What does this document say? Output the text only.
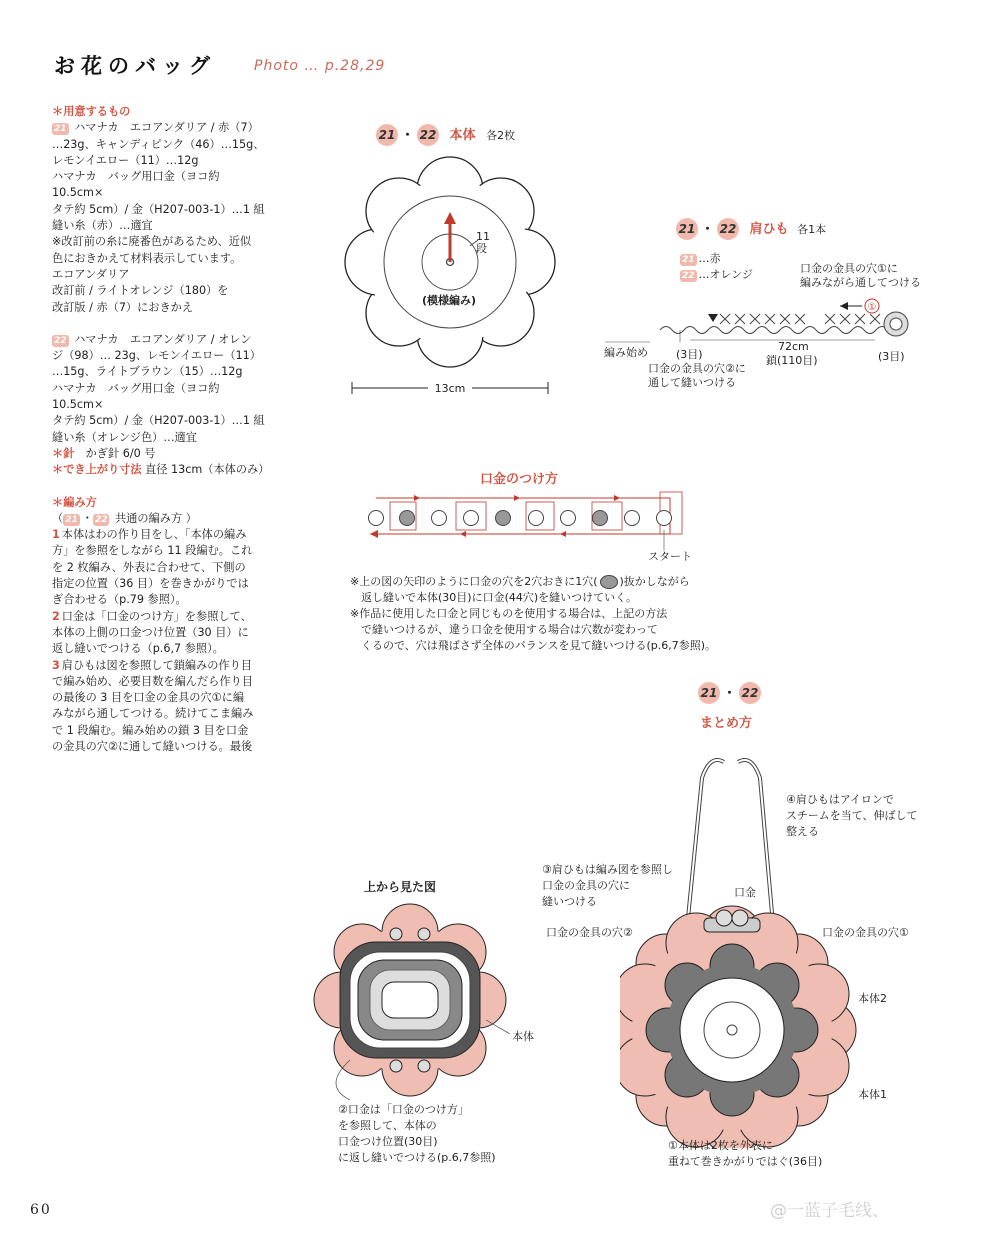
お花のバッグ	Photo … p.28,29

＊用意するもの

21 ハマナカ　エコアンダリア / 赤（7）

…23g、キャンディピンク（46）…15g、

レモンイエロー（11）…12g

ハマナカ　バッグ用口金（ヨコ約 10.5cm×

タテ約 5cm）/ 金（H207-003-1）…1 組

縫い糸（赤）…適宜

※改訂前の糸に廃番色があるため、近似

色におきかえて材料表示しています。

エコアンダリア

改訂前 / ライトオレンジ（180）を

改訂版 / 赤（7）におきかえ

22 ハマナカ　エコアンダリア / オレン

ジ（98）… 23g、レモンイエロー（11）

…15g、ライトブラウン（15）…12g

ハマナカ　バッグ用口金（ヨコ約 10.5cm×

タテ約 5cm）/ 金（H207-003-1）…1 組

縫い糸（オレンジ色）…適宜

＊針　かぎ針 6/0 号

＊でき上がり寸法 直径 13cm（本体のみ）

＊編み方

（ 21 ・ 22 共通の編み方 ）

1 本体はわの作り目をし、「本体の編み

方」を参照をしながら 11 段編む。これ

を 2 枚編み、外表に合わせて、下側の

指定の位置（36 目）を巻きかがりでは

ぎ合わせる（p.79 参照）。

2 口金は「口金のつけ方」を参照して、

本体の上側の口金つけ位置（30 目）に

返し縫いでつける（p.6,7 参照）。

3 肩ひもは図を参照して鎖編みの作り目

で編み始め、必要目数を編んだら作り目

の最後の 3 目を口金の金具の穴①に編

みながら通してつける。続けてこま編み

で 1 段編む。編み始めの鎖 3 目を口金

の金具の穴②に通して縫いつける。最後

21 ・ 22 本体 各2枚
11
段
(模様編み)
13cm
21 ・ 22 肩ひも 各1本
21 …赤
22 …オレンジ	口金の金具の穴①に
編みながら通してつける
①
編み始め	(3目)
72cm
鎖(110目)	(3目)
口金の金具の穴②に
通して縫いつける
口金のつけ方
スタート
※上の図の矢印のように口金の穴を2穴おきに1穴( )抜かしながら
　返し縫いで本体(30目)に口金(44穴)を縫いつけていく。
※作品に使用した口金と同じものを使用する場合は、上記の方法
　で縫いつけるが、違う口金を使用する場合は穴数が変わって
　くるので、穴は飛ばさず全体のバランスを見て縫いつける(p.6,7参照)。
21 ・ 22
まとめ方
上から見た図
本体
②口金は「口金のつけ方」
を参照して、本体の
口金つけ位置(30目)
に返し縫いでつける(p.6,7参照)
④肩ひもはアイロンで
スチームを当て、伸ばして
整える
③肩ひもは編み図を参照し
口金の金具の穴に
縫いつける
口金
口金の金具の穴②	口金の金具の穴①
本体2
本体1
①本体は2枚を外表に
重ねて巻きかがりではぐ(36目)
60	@一蓝子毛线、
